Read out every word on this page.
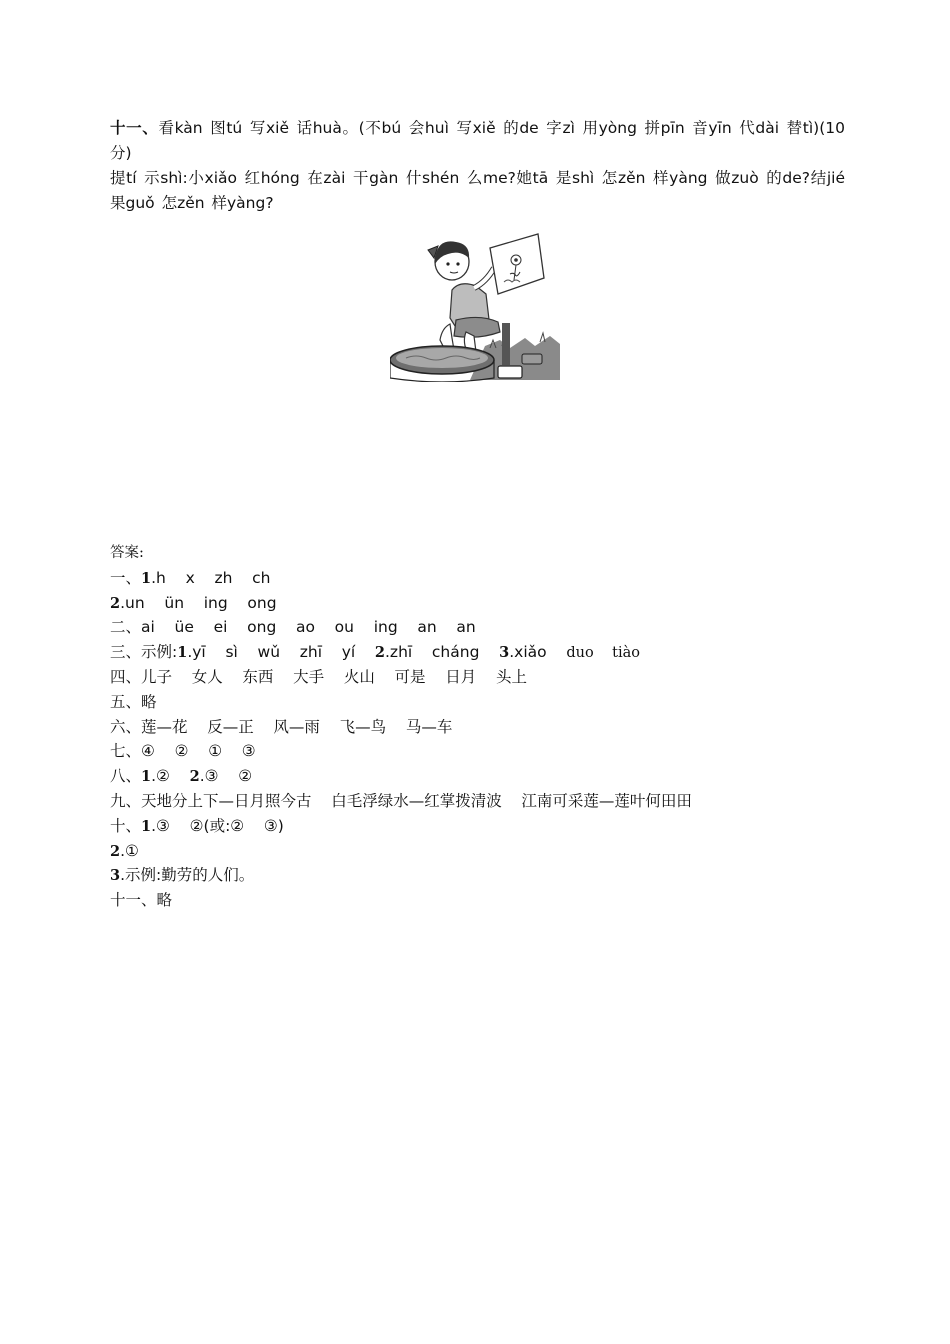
十一、看kàn 图tú 写xiě 话huà。(不bú 会huì 写xiě 的de 字zì 用yòng 拼pīn 音yīn 代dài 替tì)(10 分)

提tí 示shì:小xiǎo 红hóng 在zài 干gàn 什shén 么me?她tā 是shì 怎zěn 样yàng 做zuò 的de?结jié 果guǒ 怎zěn 样yàng?

答案:
一、1.h    x    zh    ch
2.un    ün    ing    ong
二、ai    üe    ei    ong    ao    ou    ing    an    an
三、示例:1.yī    sì    wǔ    zhī    yí    2.zhī    cháng    3.xiǎo    duo    tiào
四、儿子    女人    东西    大手    火山    可是    日月    头上
五、略
六、莲—花    反—正    风—雨    飞—鸟    马—车
七、④    ②    ①    ③
八、1.②    2.③    ②
九、天地分上下—日月照今古    白毛浮绿水—红掌拨清波    江南可采莲—莲叶何田田
十、1.③    ②(或:②    ③)
2.①
3.示例:勤劳的人们。
十一、略
